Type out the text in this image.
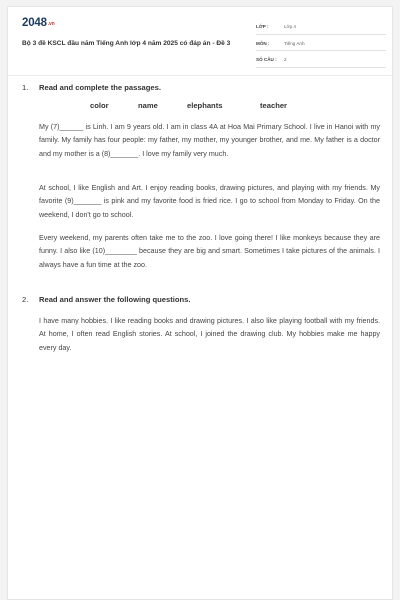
2048.vn
Bộ 3 đề KSCL đầu năm Tiếng Anh lớp 4 năm 2025 có đáp án - Đề 3
LỚP :	Lớp 4
MÔN :	Tiếng Anh
SỐ CÂU :	2
1. Read and complete the passages.
color	name	elephants	teacher
My (7)______ is Linh. I am 9 years old. I am in class 4A at Hoa Mai Primary School. I live in Hanoi with my family. My family has four people: my father, my mother, my younger brother, and me. My father is a doctor and my mother is a (8)_______. I love my family very much.
At school, I like English and Art. I enjoy reading books, drawing pictures, and playing with my friends. My favorite (9)_______ is pink and my favorite food is fried rice. I go to school from Monday to Friday. On the weekend, I don't go to school.
Every weekend, my parents often take me to the zoo. I love going there! I like monkeys because they are funny. I also like (10)________ because they are big and smart. Sometimes I take pictures of the animals. I always have a fun time at the zoo.
2. Read and answer the following questions.
I have many hobbies. I like reading books and drawing pictures. I also like playing football with my friends. At home, I often read English stories. At school, I joined the drawing club. My hobbies make me happy every day.
